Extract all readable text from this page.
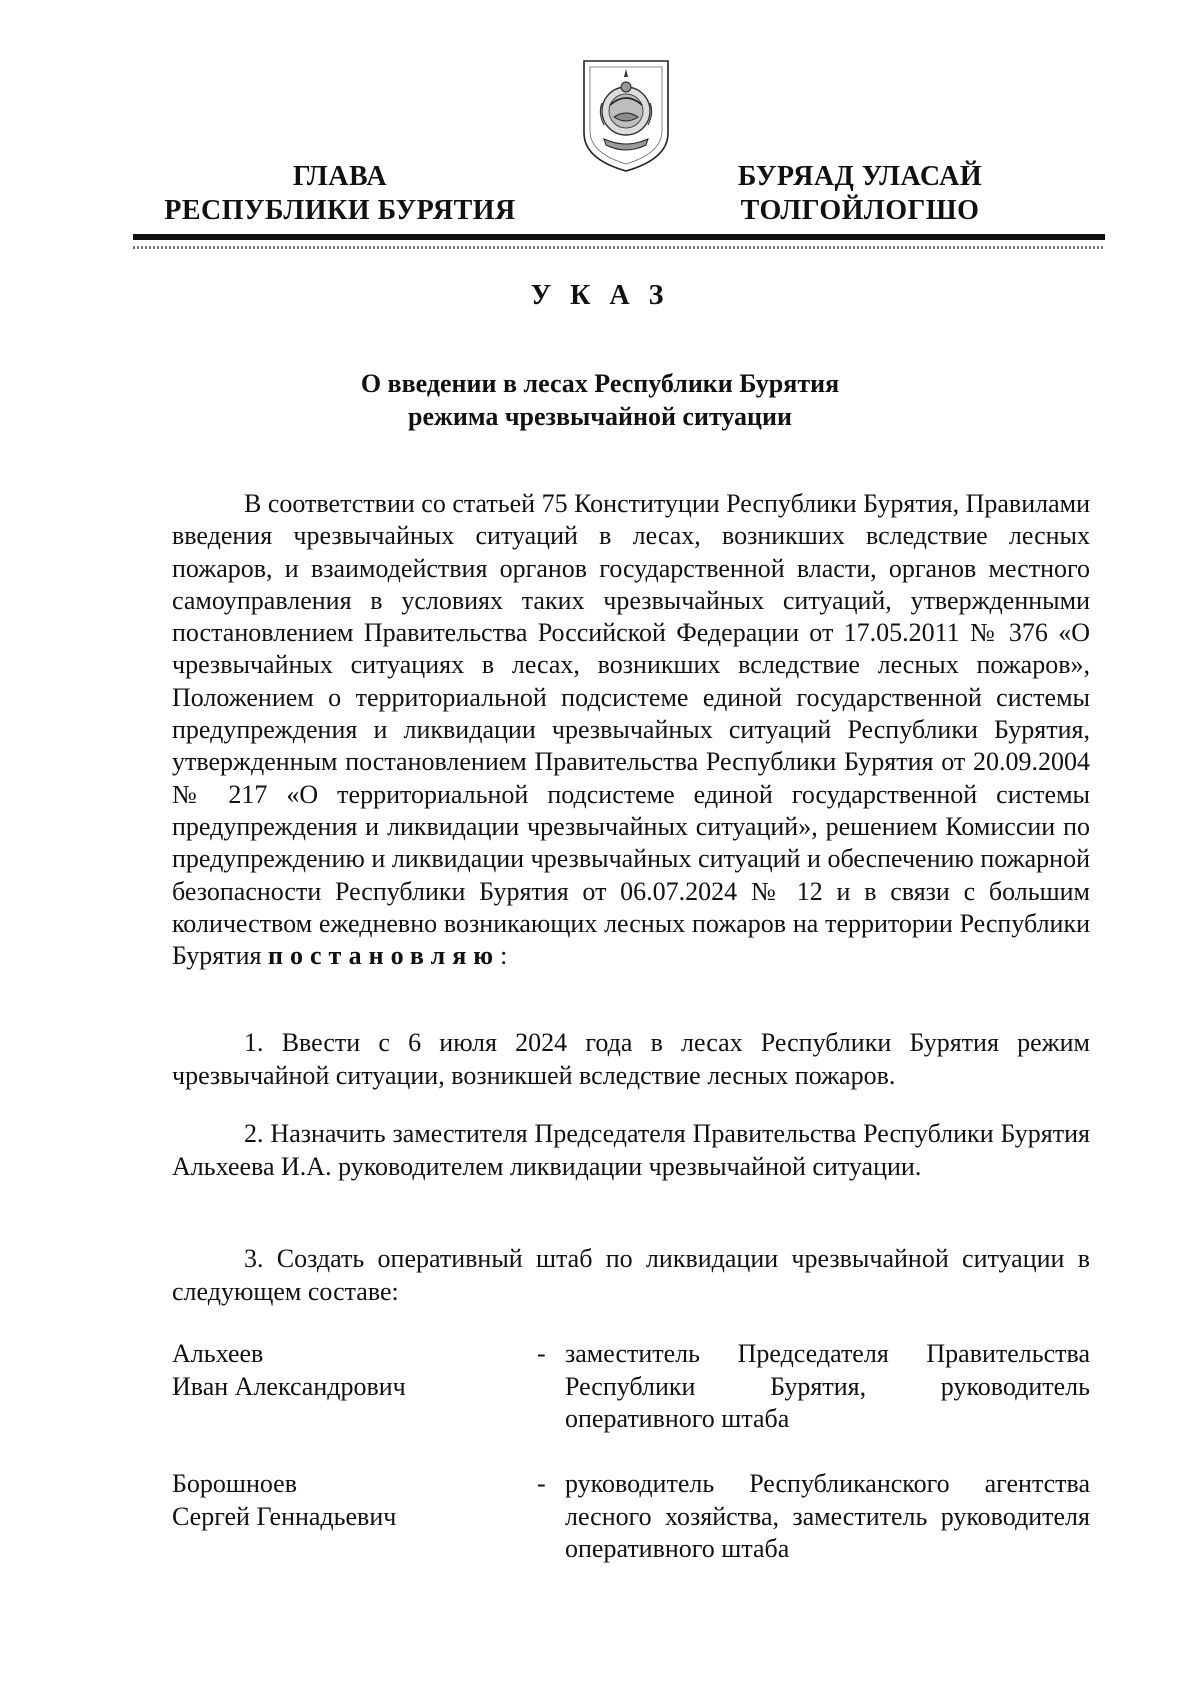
ГЛАВА
РЕСПУБЛИКИ БУРЯТИЯ
БУРЯАД УЛАСАЙ
ТОЛГОЙЛОГШО
У К А З
О введении в лесах Республики Бурятия
режима чрезвычайной ситуации

В соответствии со статьей 75 Конституции Республики Бурятия, Правилами введения чрезвычайных ситуаций в лесах, возникших вследствие лесных пожаров, и взаимодействия органов государственной власти, органов местного самоуправления в условиях таких чрезвычайных ситуаций, утвержденными постановлением Правительства Российской Федерации от 17.05.2011 № 376 «О чрезвычайных ситуациях в лесах, возникших вследствие лесных пожаров», Положением о территориальной подсистеме единой государственной системы предупреждения и ликвидации чрезвычайных ситуаций Республики Бурятия, утвержденным постановлением Правительства Республики Бурятия от 20.09.2004 № 217 «О территориальной подсистеме единой государственной системы предупреждения и ликвидации чрезвычайных ситуаций», решением Комиссии по предупреждению и ликвидации чрезвычайных ситуаций и обеспечению пожарной безопасности Республики Бурятия от 06.07.2024 № 12 и в связи с большим количеством ежедневно возникающих лесных пожаров на территории Республики Бурятия постановляю:

1. Ввести с 6 июля 2024 года в лесах Республики Бурятия режим чрезвычайной ситуации, возникшей вследствие лесных пожаров.

2. Назначить заместителя Председателя Правительства Республики Бурятия Альхеева И.А. руководителем ликвидации чрезвычайной ситуации.

3. Создать оперативный штаб по ликвидации чрезвычайной ситуации в следующем составе:

Альхеев
Иван Александрович
- заместитель Председателя Правительства Республики Бурятия, руководитель оперативного штаба
Борошноев
Сергей Геннадьевич
- руководитель Республиканского агентства лесного хозяйства, заместитель руководителя оперативного штаба
